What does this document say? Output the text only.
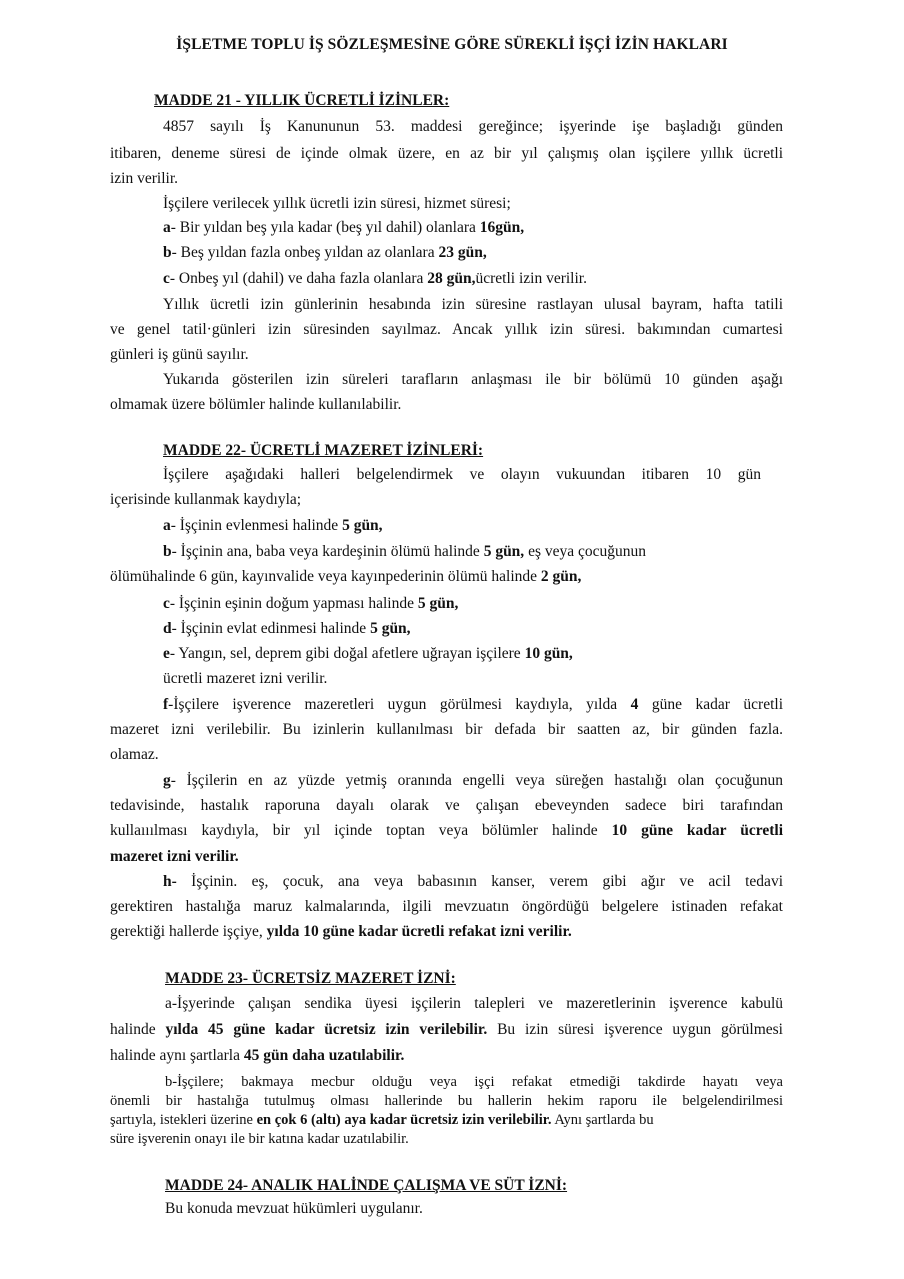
İŞLETME TOPLU İŞ SÖZLEŞMESİNE GÖRE SÜREKLİ İŞÇİ İZİN HAKLARI
MADDE 21 - YILLIK ÜCRETLİ İZİNLER:
4857 sayılı İş Kanununun 53. maddesi gereğince; işyerinde işe başladığı günden
itibaren, deneme süresi de içinde olmak üzere, en az bir yıl çalışmış olan işçilere yıllık ücretli
izin verilir.
İşçilere verilecek yıllık ücretli izin süresi, hizmet süresi;
a- Bir yıldan beş yıla kadar (beş yıl dahil) olanlara 16gün,
b- Beş yıldan fazla onbeş yıldan az olanlara 23 gün,
c- Onbeş yıl (dahil) ve daha fazla olanlara 28 gün,ücretli izin verilir.
Yıllık ücretli izin günlerinin hesabında izin süresine rastlayan ulusal bayram, hafta tatili
ve genel tatil·günleri izin süresinden sayılmaz. Ancak yıllık izin süresi. bakımından cumartesi
günleri iş günü sayılır.
Yukarıda gösterilen izin süreleri tarafların anlaşması ile bir bölümü 10 günden aşağı
olmamak üzere bölümler halinde kullanılabilir.
MADDE 22- ÜCRETLİ MAZERET İZİNLERİ:
İşçilere aşağıdaki halleri belgelendirmek ve olayın vukuundan itibaren 10 gün
içerisinde kullanmak kaydıyla;
a- İşçinin evlenmesi halinde 5 gün,
b- İşçinin ana, baba veya kardeşinin ölümü halinde 5 gün, eş veya çocuğunun
ölümühalinde 6 gün, kayınvalide veya kayınpederinin ölümü halinde 2 gün,
c- İşçinin eşinin doğum yapması halinde 5 gün,
d- İşçinin evlat edinmesi halinde 5 gün,
e- Yangın, sel, deprem gibi doğal afetlere uğrayan işçilere 10 gün,
ücretli mazeret izni verilir.
f-İşçilere işverence mazeretleri uygun görülmesi kaydıyla, yılda 4 güne kadar ücretli
mazeret izni verilebilir. Bu izinlerin kullanılması bir defada bir saatten az, bir günden fazla.
olamaz.
g- İşçilerin en az yüzde yetmiş oranında engelli veya süreğen hastalığı olan çocuğunun
tedavisinde, hastalık raporuna dayalı olarak ve çalışan ebeveynden sadece biri tarafından
kullaııılması kaydıyla, bir yıl içinde toptan veya bölümler halinde 10 güne kadar ücretli
mazeret izni verilir.
h- İşçinin. eş, çocuk, ana veya babasının kanser, verem gibi ağır ve acil tedavi
gerektiren hastalığa maruz kalmalarında, ilgili mevzuatın öngördüğü belgelere istinaden refakat
gerektiği hallerde işçiye, yılda 10 güne kadar ücretli refakat izni verilir.
MADDE 23- ÜCRETSİZ MAZERET İZNİ:
a-İşyerinde çalışan sendika üyesi işçilerin talepleri ve mazeretlerinin işverence kabulü
halinde yılda 45 güne kadar ücretsiz izin verilebilir. Bu izin süresi işverence uygun görülmesi
halinde aynı şartlarla 45 gün daha uzatılabilir.
b-İşçilere; bakmaya mecbur olduğu veya işçi refakat etmediği takdirde hayatı veya
önemli bir hastalığa tutulmuş olması hallerinde bu hallerin hekim raporu ile belgelendirilmesi
şartıyla, istekleri üzerine en çok 6 (altı) aya kadar ücretsiz izin verilebilir. Aynı şartlarda bu
süre işverenin onayı ile bir katına kadar uzatılabilir.
MADDE 24- ANALIK HALİNDE ÇALIŞMA VE SÜT İZNİ:
Bu konuda mevzuat hükümleri uygulanır.
